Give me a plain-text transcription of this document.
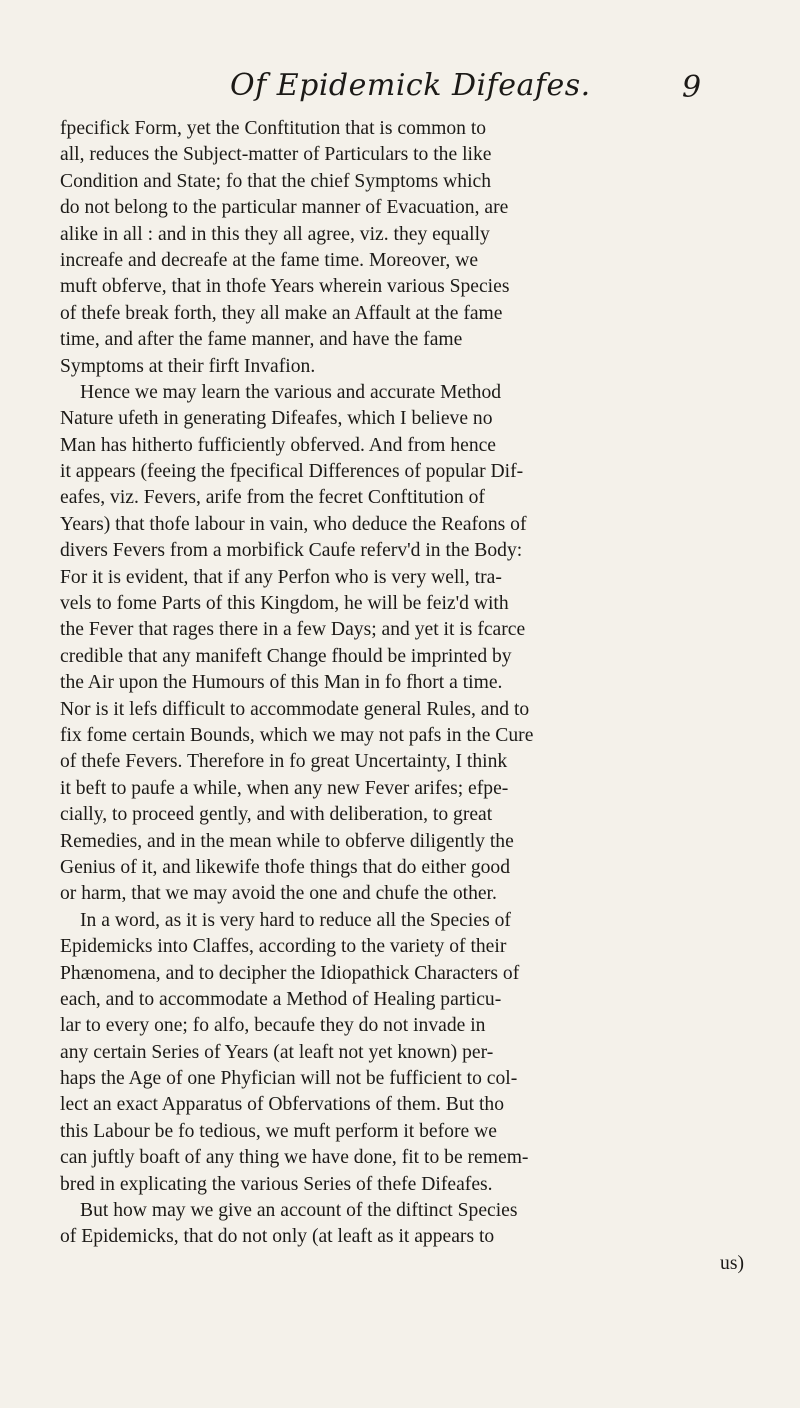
Of Epidemick Difeafes.	9
fpecifick Form, yet the Conftitution that is common to
all, reduces the Subject-matter of Particulars to the like
Condition and State; fo that the chief Symptoms which
do not belong to the particular manner of Evacuation, are
alike in all : and in this they all agree, viz. they equally
increafe and decreafe at the fame time. Moreover, we
muft obferve, that in thofe Years wherein various Species
of thefe break forth, they all make an Affault at the fame
time, and after the fame manner, and have the fame
Symptoms at their firft Invafion.
Hence we may learn the various and accurate Method
Nature ufeth in generating Difeafes, which I believe no
Man has hitherto fufficiently obferved. And from hence
it appears (feeing the fpecifical Differences of popular Dif-
eafes, viz. Fevers, arife from the fecret Conftitution of
Years) that thofe labour in vain, who deduce the Reafons of
divers Fevers from a morbifick Caufe referv'd in the Body:
For it is evident, that if any Perfon who is very well, tra-
vels to fome Parts of this Kingdom, he will be feiz'd with
the Fever that rages there in a few Days; and yet it is fcarce
credible that any manifeft Change fhould be imprinted by
the Air upon the Humours of this Man in fo fhort a time.
Nor is it lefs difficult to accommodate general Rules, and to
fix fome certain Bounds, which we may not pafs in the Cure
of thefe Fevers. Therefore in fo great Uncertainty, I think
it beft to paufe a while, when any new Fever arifes; efpe-
cially, to proceed gently, and with deliberation, to great
Remedies, and in the mean while to obferve diligently the
Genius of it, and likewife thofe things that do either good
or harm, that we may avoid the one and chufe the other.
In a word, as it is very hard to reduce all the Species of
Epidemicks into Claffes, according to the variety of their
Phænomena, and to decipher the Idiopathick Characters of
each, and to accommodate a Method of Healing particu-
lar to every one; fo alfo, becaufe they do not invade in
any certain Series of Years (at leaft not yet known) per-
haps the Age of one Phyfician will not be fufficient to col-
lect an exact Apparatus of Obfervations of them. But tho
this Labour be fo tedious, we muft perform it before we
can juftly boaft of any thing we have done, fit to be remem-
bred in explicating the various Series of thefe Difeafes.
But how may we give an account of the diftinct Species
of Epidemicks, that do not only (at leaft as it appears to
us)
